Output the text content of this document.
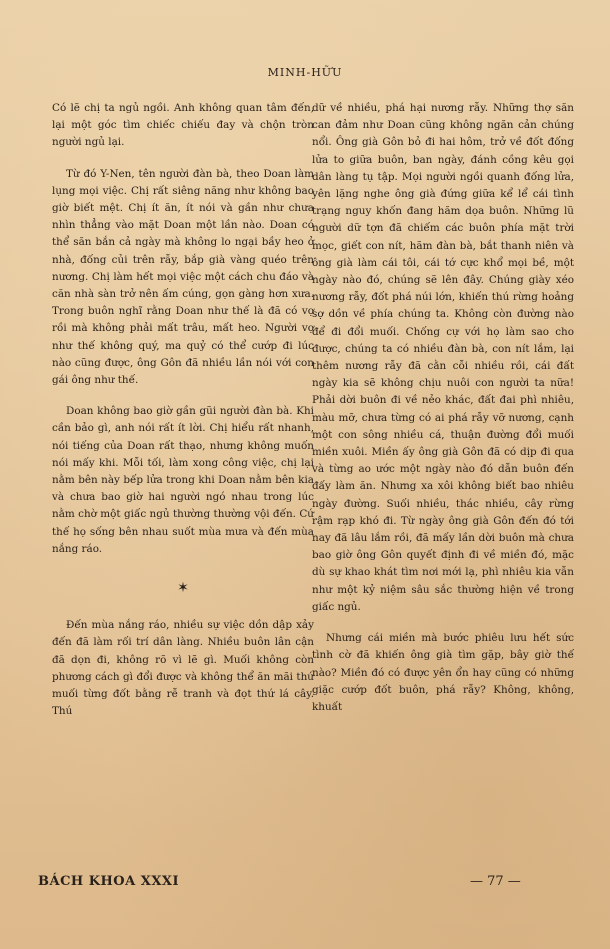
MINH-HỮU

Có lẽ chị ta ngủ ngồi. Anh không quan tâm đến, lại một góc tìm chiếc chiếu đay và chộn tròn người ngủ lại.

Từ đó Y-Nen, tên người đàn bà, theo Doan làm lụng mọi việc. Chị rất siêng năng như không bao giờ biết mệt. Chị ít ăn, ít nói và gần như chưa nhìn thẳng vào mặt Doan một lần nào. Doan có thể săn bắn cả ngày mà không lo ngại bầy heo ở nhà, đống củi trên rẫy, bắp già vàng quéo trên nương. Chị làm hết mọi việc một cách chu đáo và căn nhà sàn trở nên ấm cúng, gọn gàng hơn xưa. Trong buôn nghĩ rằng Doan như thế là đã có vợ rồi mà không phải mất trâu, mất heo. Người vợ như thế không quý, ma quỷ có thể cướp đi lúc nào cũng được, ông Gôn đã nhiều lần nói với con gái ông như thế.

Doan không bao giờ gần gũi người đàn bà. Khi cần bảo gì, anh nói rất ít lời. Chị hiểu rất nhanh, nói tiếng của Doan rất thạo, nhưng không muốn nói mấy khi. Mỗi tối, làm xong công việc, chị lại nằm bên này bếp lửa trong khi Doan nằm bên kia và chưa bao giờ hai người ngó nhau trong lúc nằm chờ một giấc ngủ thường thường vội đến. Cứ thế họ sống bên nhau suốt mùa mưa và đến mùa nắng ráo.

✶

Đến mùa nắng ráo, nhiều sự việc dồn dập xảy đến đã làm rối trí dân làng. Nhiều buôn lân cận đã dọn đi, không rõ vì lẽ gì. Muối không còn phương cách gì đổi được và không thể ăn mãi thứ muối từng đốt bằng rễ tranh và đọt thứ lá cây. Thú

dữ về nhiều, phá hại nương rẫy. Những thợ săn can đảm như Doan cũng không ngăn cản chúng nổi. Ông già Gôn bỏ đi hai hôm, trở về đốt đống lửa to giữa buôn, ban ngày, đánh cồng kêu gọi dân làng tụ tập. Mọi người ngồi quanh đống lửa, yên lặng nghe ông già đứng giữa kể lể cái tình trạng nguy khốn đang hăm dọa buôn. Những lũ người dữ tợn đã chiếm các buôn phía mặt trời mọc, giết con nít, hãm đàn bà, bắt thanh niên và ông già làm cái tôi, cái tớ cực khổ mọi bề, một ngày nào đó, chúng sẽ lên đây. Chúng giày xéo nương rẫy, đốt phá núi lớn, khiến thú rừng hoảng sợ dồn về phía chúng ta. Không còn đường nào để đi đổi muối. Chống cự với họ làm sao cho được, chúng ta có nhiều đàn bà, con nít lắm, lại thêm nương rẫy đã cằn cỗi nhiều rồi, cái đất ngày kia sẽ không chịu nuôi con người ta nữa! Phải dời buôn đi về nẻo khác, đất đai phì nhiêu, màu mỡ, chưa từng có ai phá rẫy vỡ nương, cạnh một con sông nhiều cá, thuận đường đổi muối miền xuôi. Miền ấy ông già Gôn đã có dịp đi qua và từng ao ước một ngày nào đó dẫn buôn đến đấy làm ăn. Nhưng xa xôi không biết bao nhiêu ngày đường. Suối nhiều, thác nhiều, cây rừng rậm rạp khó đi. Từ ngày ông già Gôn đến đó tới nay đã lâu lắm rồi, đã mấy lần dời buôn mà chưa bao giờ ông Gôn quyết định đi về miền đó, mặc dù sự khao khát tìm nơi mới lạ, phì nhiêu kia vẫn như một kỷ niệm sâu sắc thường hiện về trong giấc ngủ.

Nhưng cái miền mà bước phiêu lưu hết sức tình cờ đã khiến ông già tìm gặp, bây giờ thế nào? Miền đó có được yên ổn hay cũng có những giặc cướp đốt buôn, phá rẫy? Không, không, khuất

BÁCH KHOA XXXI	— 77 —
